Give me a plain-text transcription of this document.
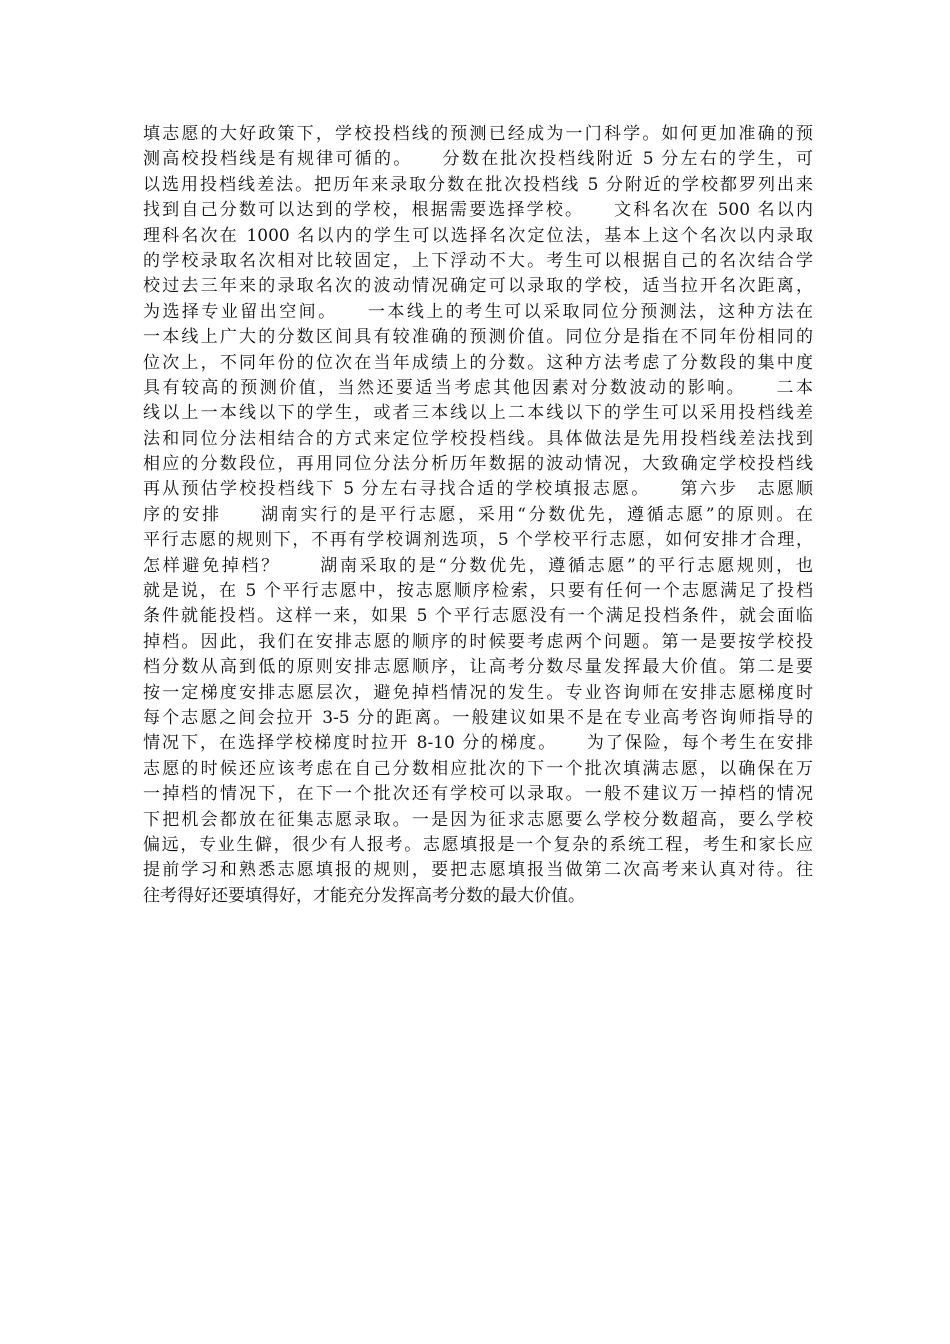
填志愿的大好政策下，学校投档线的预测已经成为一门科学。如何更加准确的预
测高校投档线是有规律可循的。　　分数在批次投档线附近 5 分左右的学生，可
以选用投档线差法。把历年来录取分数在批次投档线 5 分附近的学校都罗列出来
找到自己分数可以达到的学校，根据需要选择学校。　　文科名次在 500 名以内
理科名次在 1000 名以内的学生可以选择名次定位法，基本上这个名次以内录取
的学校录取名次相对比较固定，上下浮动不大。考生可以根据自己的名次结合学
校过去三年来的录取名次的波动情况确定可以录取的学校，适当拉开名次距离，
为选择专业留出空间。　　一本线上的考生可以采取同位分预测法，这种方法在
一本线上广大的分数区间具有较准确的预测价值。同位分是指在不同年份相同的
位次上，不同年份的位次在当年成绩上的分数。这种方法考虑了分数段的集中度
具有较高的预测价值，当然还要适当考虑其他因素对分数波动的影响。　　二本
线以上一本线以下的学生，或者三本线以上二本线以下的学生可以采用投档线差
法和同位分法相结合的方式来定位学校投档线。具体做法是先用投档线差法找到
相应的分数段位，再用同位分法分析历年数据的波动情况，大致确定学校投档线
再从预估学校投档线下 5 分左右寻找合适的学校填报志愿。　　第六步　志愿顺
序的安排　　湖南实行的是平行志愿，采用“分数优先，遵循志愿”的原则。在
平行志愿的规则下，不再有学校调剂选项，5 个学校平行志愿，如何安排才合理，
怎样避免掉档？　　湖南采取的是“分数优先，遵循志愿”的平行志愿规则，也
就是说，在 5 个平行志愿中，按志愿顺序检索，只要有任何一个志愿满足了投档
条件就能投档。这样一来，如果 5 个平行志愿没有一个满足投档条件，就会面临
掉档。因此，我们在安排志愿的顺序的时候要考虑两个问题。第一是要按学校投
档分数从高到低的原则安排志愿顺序，让高考分数尽量发挥最大价值。第二是要
按一定梯度安排志愿层次，避免掉档情况的发生。专业咨询师在安排志愿梯度时
每个志愿之间会拉开 3-5 分的距离。一般建议如果不是在专业高考咨询师指导的
情况下，在选择学校梯度时拉开 8-10 分的梯度。　　为了保险，每个考生在安排
志愿的时候还应该考虑在自己分数相应批次的下一个批次填满志愿，以确保在万
一掉档的情况下，在下一个批次还有学校可以录取。一般不建议万一掉档的情况
下把机会都放在征集志愿录取。一是因为征求志愿要么学校分数超高，要么学校
偏远，专业生僻，很少有人报考。志愿填报是一个复杂的系统工程，考生和家长应
提前学习和熟悉志愿填报的规则，要把志愿填报当做第二次高考来认真对待。往
往考得好还要填得好，才能充分发挥高考分数的最大价值。
